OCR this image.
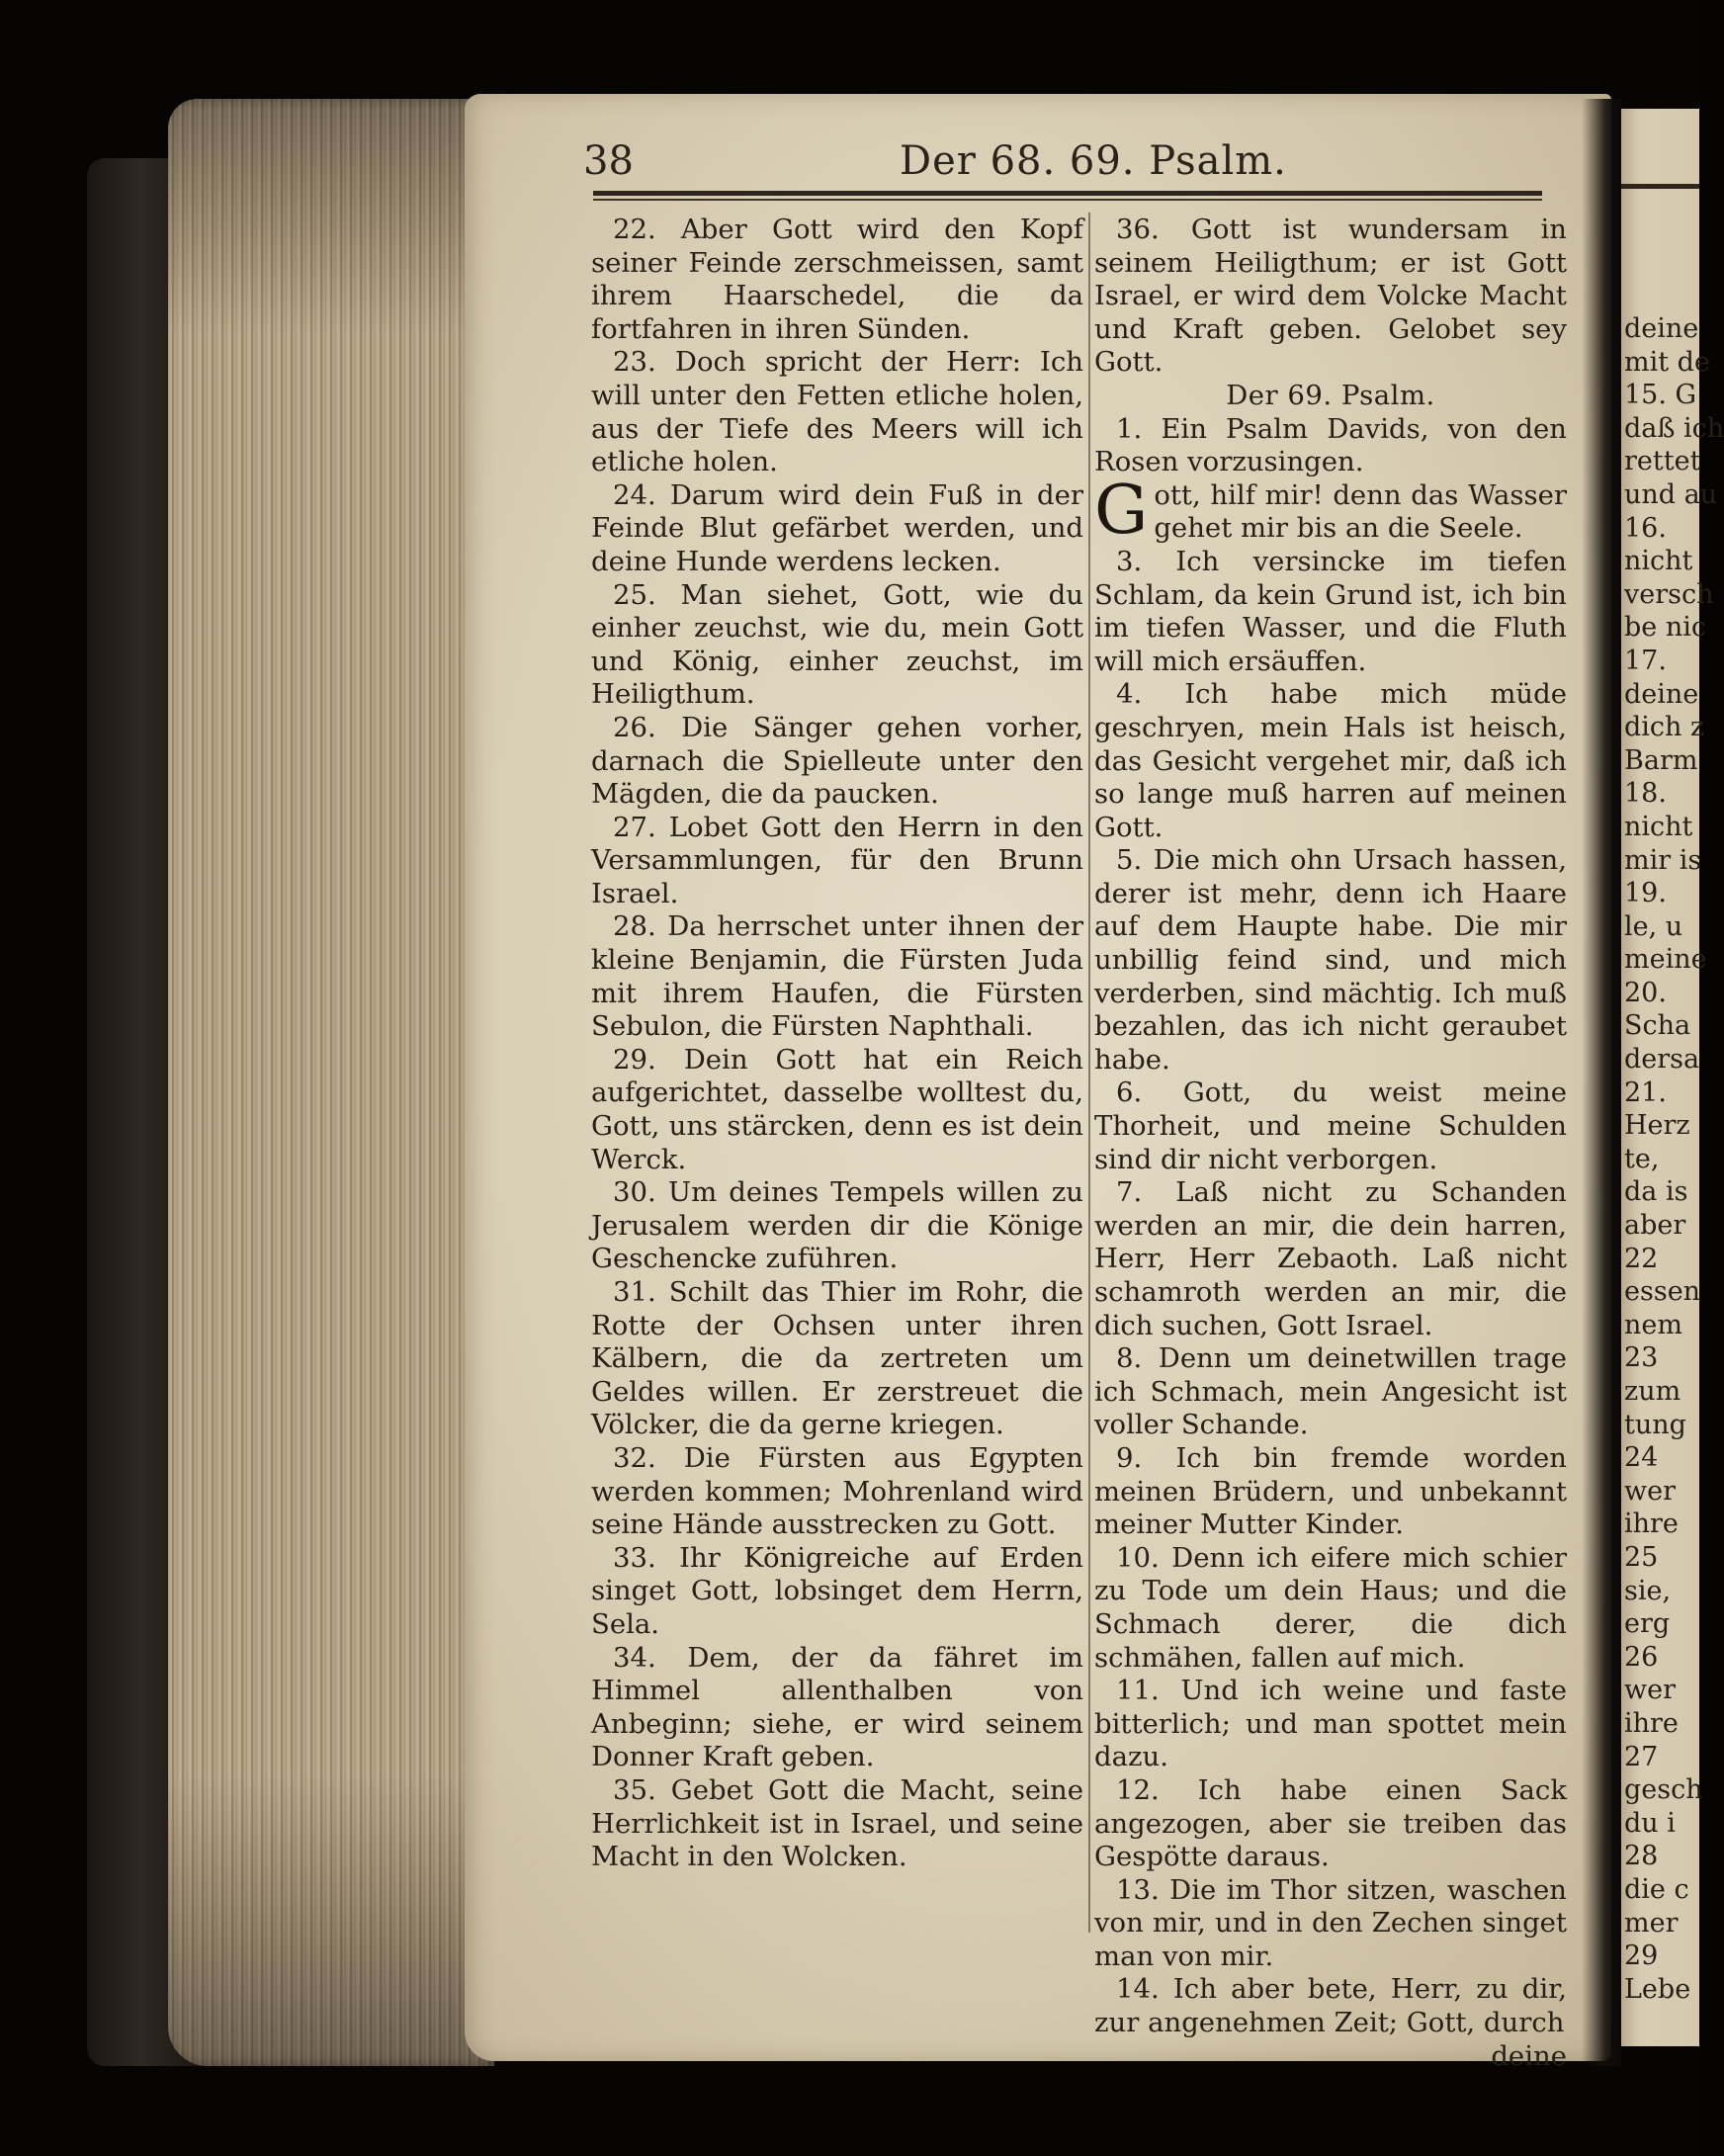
deine
mit de
15. G
daß ich
rettet
und au
16.
nicht
versch
be nic
17.
deine
dich z
Barm
18.
nicht
mir is
19.
le, u
meine
20.
Scha
dersa
21.
Herz
te,
da is
aber
22
essen
nem
23
zum
tung
24
wer
ihre
25
sie,
erg
26
wer
ihre
27
gesch
du i
28
die c
mer
29
Lebe
38	Der 68. 69. Psalm.

22. Aber Gott wird den Kopf seiner Feinde zerschmeissen, samt ihrem Haarschedel, die da fortfahren in ihren Sünden.

23. Doch spricht der Herr: Ich will unter den Fetten etliche holen, aus der Tiefe des Meers will ich etliche holen.

24. Darum wird dein Fuß in der Feinde Blut gefärbet werden, und deine Hunde werdens lecken.

25. Man siehet, Gott, wie du einher zeuchst, wie du, mein Gott und König, einher zeuchst, im Heiligthum.

26. Die Sänger gehen vorher, darnach die Spielleute unter den Mägden, die da paucken.

27. Lobet Gott den Herrn in den Versammlungen, für den Brunn Israel.

28. Da herrschet unter ihnen der kleine Benjamin, die Fürsten Juda mit ihrem Haufen, die Fürsten Sebulon, die Fürsten Naphthali.

29. Dein Gott hat ein Reich aufgerichtet, dasselbe wolltest du, Gott, uns stärcken, denn es ist dein Werck.

30. Um deines Tempels willen zu Jerusalem werden dir die Könige Geschencke zuführen.

31. Schilt das Thier im Rohr, die Rotte der Ochsen unter ihren Kälbern, die da zertreten um Geldes willen. Er zerstreuet die Völcker, die da gerne kriegen.

32. Die Fürsten aus Egypten werden kommen; Mohrenland wird seine Hände ausstrecken zu Gott.

33. Ihr Königreiche auf Erden singet Gott, lobsinget dem Herrn, Sela.

34. Dem, der da fähret im Himmel allenthalben von Anbeginn; siehe, er wird seinem Donner Kraft geben.

35. Gebet Gott die Macht, seine Herrlichkeit ist in Israel, und seine Macht in den Wolcken.

36. Gott ist wundersam in seinem Heiligthum; er ist Gott Israel, er wird dem Volcke Macht und Kraft geben. Gelobet sey Gott.

Der 69. Psalm.

1. Ein Psalm Davids, von den Rosen vorzusingen.

Gott, hilf mir! denn das Wasser gehet mir bis an die Seele.

3. Ich versincke im tiefen Schlam, da kein Grund ist, ich bin im tiefen Wasser, und die Fluth will mich ersäuffen.

4. Ich habe mich müde geschryen, mein Hals ist heisch, das Gesicht vergehet mir, daß ich so lange muß harren auf meinen Gott.

5. Die mich ohn Ursach hassen, derer ist mehr, denn ich Haare auf dem Haupte habe. Die mir unbillig feind sind, und mich verderben, sind mächtig. Ich muß bezahlen, das ich nicht geraubet habe.

6. Gott, du weist meine Thorheit, und meine Schulden sind dir nicht verborgen.

7. Laß nicht zu Schanden werden an mir, die dein harren, Herr, Herr Zebaoth. Laß nicht schamroth werden an mir, die dich suchen, Gott Israel.

8. Denn um deinetwillen trage ich Schmach, mein Angesicht ist voller Schande.

9. Ich bin fremde worden meinen Brüdern, und unbekannt meiner Mutter Kinder.

10. Denn ich eifere mich schier zu Tode um dein Haus; und die Schmach derer, die dich schmähen, fallen auf mich.

11. Und ich weine und faste bitterlich; und man spottet mein dazu.

12. Ich habe einen Sack angezogen, aber sie treiben das Gespötte daraus.

13. Die im Thor sitzen, waschen von mir, und in den Zechen singet man von mir.

14. Ich aber bete, Herr, zu dir, zur angenehmen Zeit; Gott, durch

deine
